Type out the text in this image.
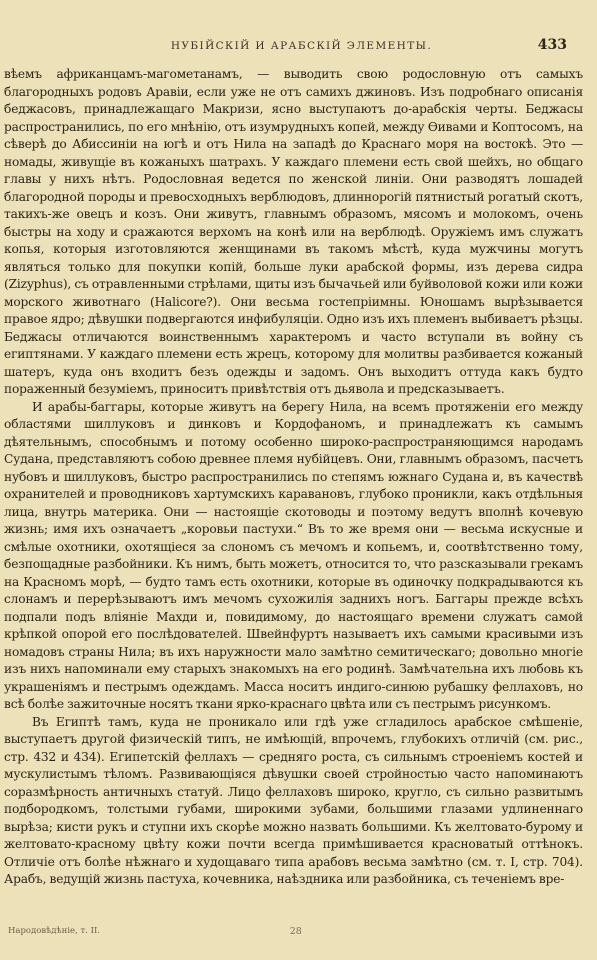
НУБІЙСКІЙ И АРАБСКІЙ ЭЛЕМЕНТЫ.	433

вѣемъ африканцамъ-магометанамъ, — выводить свою родословную отъ самыхъ благородныхъ родовъ Аравіи, если уже не отъ самихъ джиновъ. Изъ подробнаго описанія беджасовъ, принадлежащаго Макризи, ясно выступаютъ до-арабскія черты. Беджасы распространились, по его мнѣнію, отъ изумрудныхъ копей, между Ѳивами и Коптосомъ, на сѣверѣ до Абиссиніи на югѣ и отъ Нила на западѣ до Краснаго моря на востокѣ. Это — номады, живущіе въ кожаныхъ шатрахъ. У каждаго племени есть свой шейхъ, но общаго главы у нихъ нѣтъ. Родословная ведется по женской линіи. Они разводятъ лошадей благородной породы и превосходныхъ верблюдовъ, длиннорогій пятнистый рогатый скотъ, такихъ-же овецъ и козъ. Они живутъ, главнымъ образомъ, мясомъ и молокомъ, очень быстры на ходу и сражаются верхомъ на конѣ или на верблюдѣ. Оружіемъ имъ служатъ копья, которыя изготовляются женщинами въ такомъ мѣстѣ, куда мужчины могутъ являться только для покупки копій, больше луки арабской формы, изъ дерева сидра (Zizyphus), съ отравленными стрѣлами, щиты изъ бычачьей или буйволовой кожи или кожи морского животнаго (Halicore?). Они весьма гостепріимны. Юношамъ вырѣзывается правое ядро; дѣвушки подвергаются инфибуляціи. Одно изъ ихъ племенъ выбиваетъ рѣзцы. Беджасы отличаются воинственнымъ характеромъ и часто вступали въ войну съ египтянами. У каждаго племени есть жрецъ, которому для молитвы разбивается кожаный шатеръ, куда онъ входитъ безъ одежды и задомъ. Онъ выходитъ оттуда какъ будто пораженный безуміемъ, приноситъ привѣтствія отъ дьявола и предсказываетъ.

И арабы-баггары, которые живутъ на берегу Нила, на всемъ протяженіи его между областями шиллуковъ и динковъ и Кордофаномъ, и принадлежатъ къ самымъ дѣятельнымъ, способнымъ и потому особенно широко-распространяющимся народамъ Судана, представляютъ собою древнее племя нубійцевъ. Они, главнымъ образомъ, пасчетъ нубовъ и шиллуковъ, быстро распространились по степямъ южнаго Судана и, въ качествѣ охранителей и проводниковъ хартумскихъ каравановъ, глубоко проникли, какъ отдѣльныя лица, внутрь материка. Они — настоящіе скотоводы и поэтому ведутъ вполнѣ кочевую жизнь; имя ихъ означаетъ „коровьи пастухи.“ Въ то же время они — весьма искусные и смѣлые охотники, охотящіеся за слономъ съ мечомъ и копьемъ, и, соотвѣтственно тому, безпощадные разбойники. Къ нимъ, быть можетъ, относится то, что разсказывали грекамъ на Красномъ морѣ, — будто тамъ есть охотники, которые въ одиночку подкрадываются къ слонамъ и перерѣзываютъ имъ мечомъ сухожилія заднихъ ногъ. Баггары прежде всѣхъ подпали подъ вліяніе Махди и, повидимому, до настоящаго времени служатъ самой крѣпкой опорой его послѣдователей. Швейнфуртъ называетъ ихъ самыми красивыми изъ номадовъ страны Нила; въ ихъ наружности мало замѣтно семитическаго; довольно многіе изъ нихъ напоминали ему старыхъ знакомыхъ на его родинѣ. Замѣчательна ихъ любовь къ украшеніямъ и пестрымъ одеждамъ. Масса носитъ индиго-синюю рубашку феллаховъ, но всѣ болѣе зажиточные носятъ ткани ярко-краснаго цвѣта или съ пестрымъ рисункомъ.

Въ Египтѣ тамъ, куда не проникало или гдѣ уже сгладилось арабское смѣшеніе, выступаетъ другой физическій типъ, не имѣющій, впрочемъ, глубокихъ отличій (см. рис., стр. 432 и 434). Египетскій феллахъ — средняго роста, съ сильнымъ строеніемъ костей и мускулистымъ тѣломъ. Развивающіяся дѣвушки своей стройностью часто напоминаютъ соразмѣрность античныхъ статуй. Лицо феллаховъ широко, кругло, съ сильно развитымъ подбородкомъ, толстыми губами, широкими зубами, большими глазами удлиненнаго вырѣза; кисти рукъ и ступни ихъ скорѣе можно назвать большими. Къ желтовато-бурому и желтовато-красному цвѣту кожи почти всегда примѣшивается красноватый оттѣнокъ. Отличіе отъ болѣе нѣжнаго и худощаваго типа арабовъ весьма замѣтно (см. т. I, стр. 704). Арабъ, ведущій жизнь пастуха, кочевника, наѣздника или разбойника, съ теченіемъ вре-

Народовѣдѣніе, т. II.	28
